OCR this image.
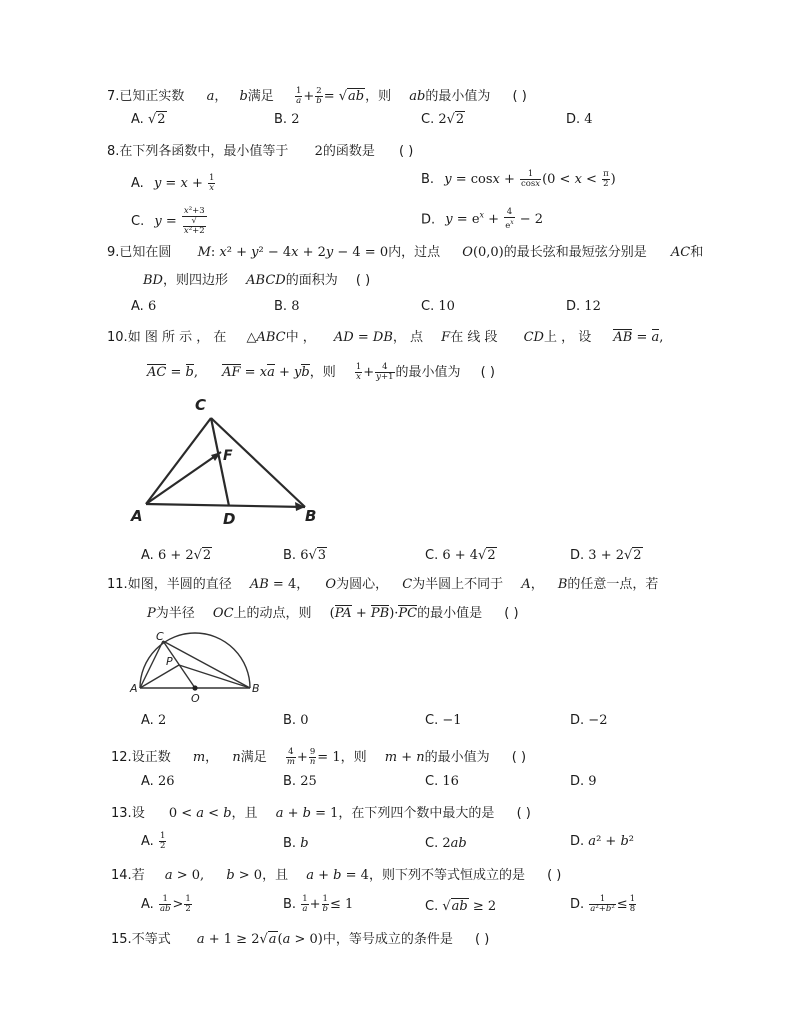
7.已知正实数 a， b满足 $\frac{1}{a} + \frac{2}{b} = √ab$，则 ab的最小值为 ( )
A. √2	B. 2	C. 2√2	D. 4
8.在下列各函数中，最小值等于 2的函数是 ( )
A. $y = x + \frac{1}{x}$	B. $y = \cos x + \frac{1}{\cos x} (0 < x < \frac{\pi}{2}$ )
C. y = x²+3
√
x²+2	D. $y = e^x + \frac{4}{e^x} - 2$
9.已知在圆 M: x² + y² − 4x + 2y − 4 = 0内，过点 O(0,0)的最长弦和最短弦分别是 AC和
BD，则四边形 ABCD的面积为 ( )
A. 6	B. 8	C. 10	D. 12
10.如 图 所 示 ， 在 △ABC中 ， AD = DB， 点 F在 线 段 CD上 ， 设 AB = a,
AC = b, AF = xa + yb，则 $\frac{1}{x} + \frac{4}{y+1}$ 的最小值为 ( )
C
F
A	D	B
A. 6 + 2√2	B. 6√3	C. 6 + 4√2	D. 3 + 2√2
11.如图，半圆的直径 AB = 4， O为圆心， C为半圆上不同于 A， B的任意一点，若
P为半径 OC上的动点，则 (PA + PB)·PC的最小值是 ( )
C
P
A
O
B
A. 2	B. 0	C. −1	D. −2
12.设正数 m， n满足 $\frac{4}{m} + \frac{9}{n} = 1$，则 m + n的最小值为 ( )
A. 26	B. 25	C. 16	D. 9
13.设 0 < a < b，且 a + b = 1，在下列四个数中最大的是 ( )
A. $\frac{1}{2}$	B. b	C. 2ab	D. a² + b²
14.若 a > 0, b > 0，且 a + b = 4，则下列不等式恒成立的是 ( )
A. $\frac{1}{ab} > \frac{1}{2}$	B. $\frac{1}{a} + \frac{1}{b} \le 1$	C. √ab ≥ 2	D. $\frac{1}{\text{a²+b²}} \le \frac{1}{8}$
15.不等式 a + 1 ≥ 2√a(a > 0)中，等号成立的条件是 ( )
